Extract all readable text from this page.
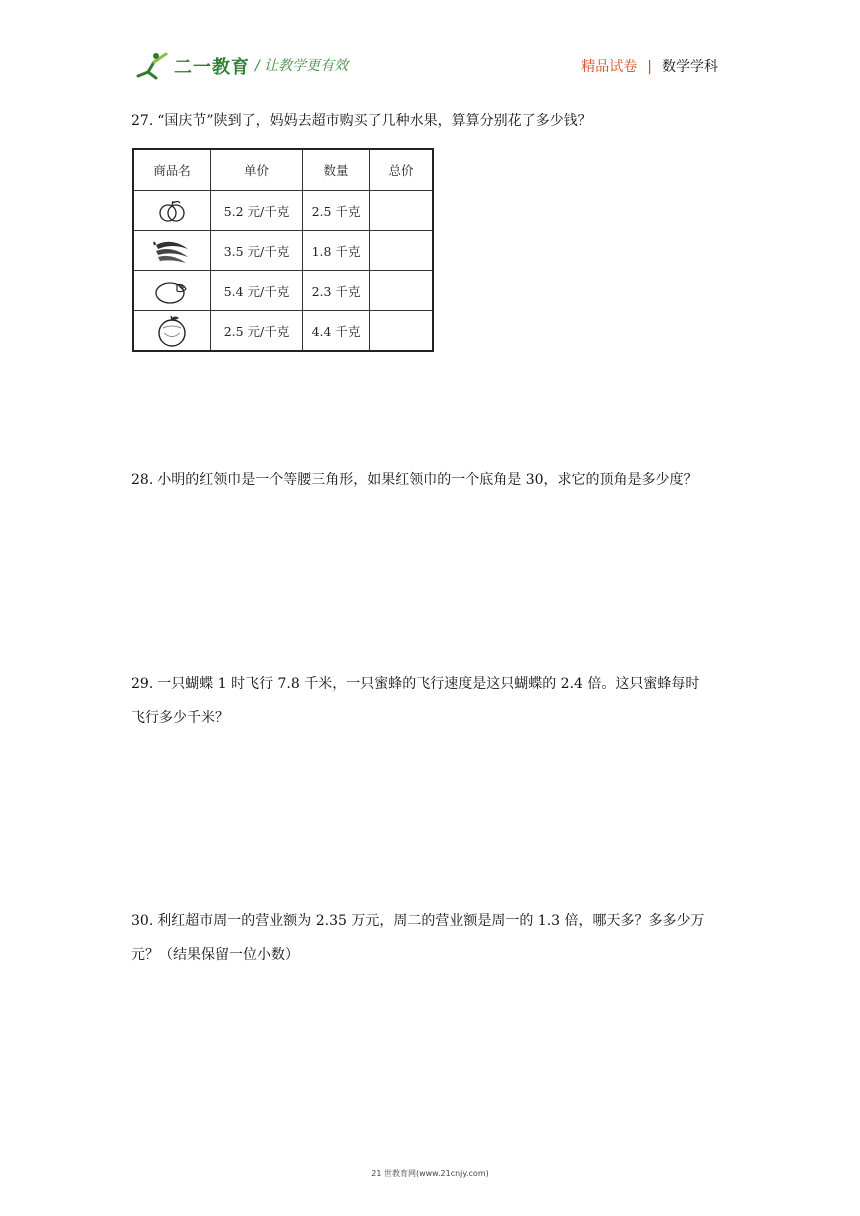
二一教育 / 让教学更有效	精品试卷 | 数学学科
27. “国庆节”陕到了，妈妈去超市购买了几种水果，算算分别花了多少钱？
商品名	单价	数量	总价

	5.2 元/千克	2.5 千克	

	3.5 元/千克	1.8 千克	

	5.4 元/千克	2.3 千克	

	2.5 元/千克	4.4 千克	
28. 小明的红领巾是一个等腰三角形，如果红领巾的一个底角是 30，求它的顶角是多少度？
29. 一只蝴蝶 1 时飞行 7.8 千米，一只蜜蜂的飞行速度是这只蝴蝶的 2.4 倍。这只蜜蜂每时
飞行多少千米？
30. 利红超市周一的营业额为 2.35 万元，周二的营业额是周一的 1.3 倍，哪天多？多多少万
元？（结果保留一位小数）
21 世教育网(www.21cnjy.com)
